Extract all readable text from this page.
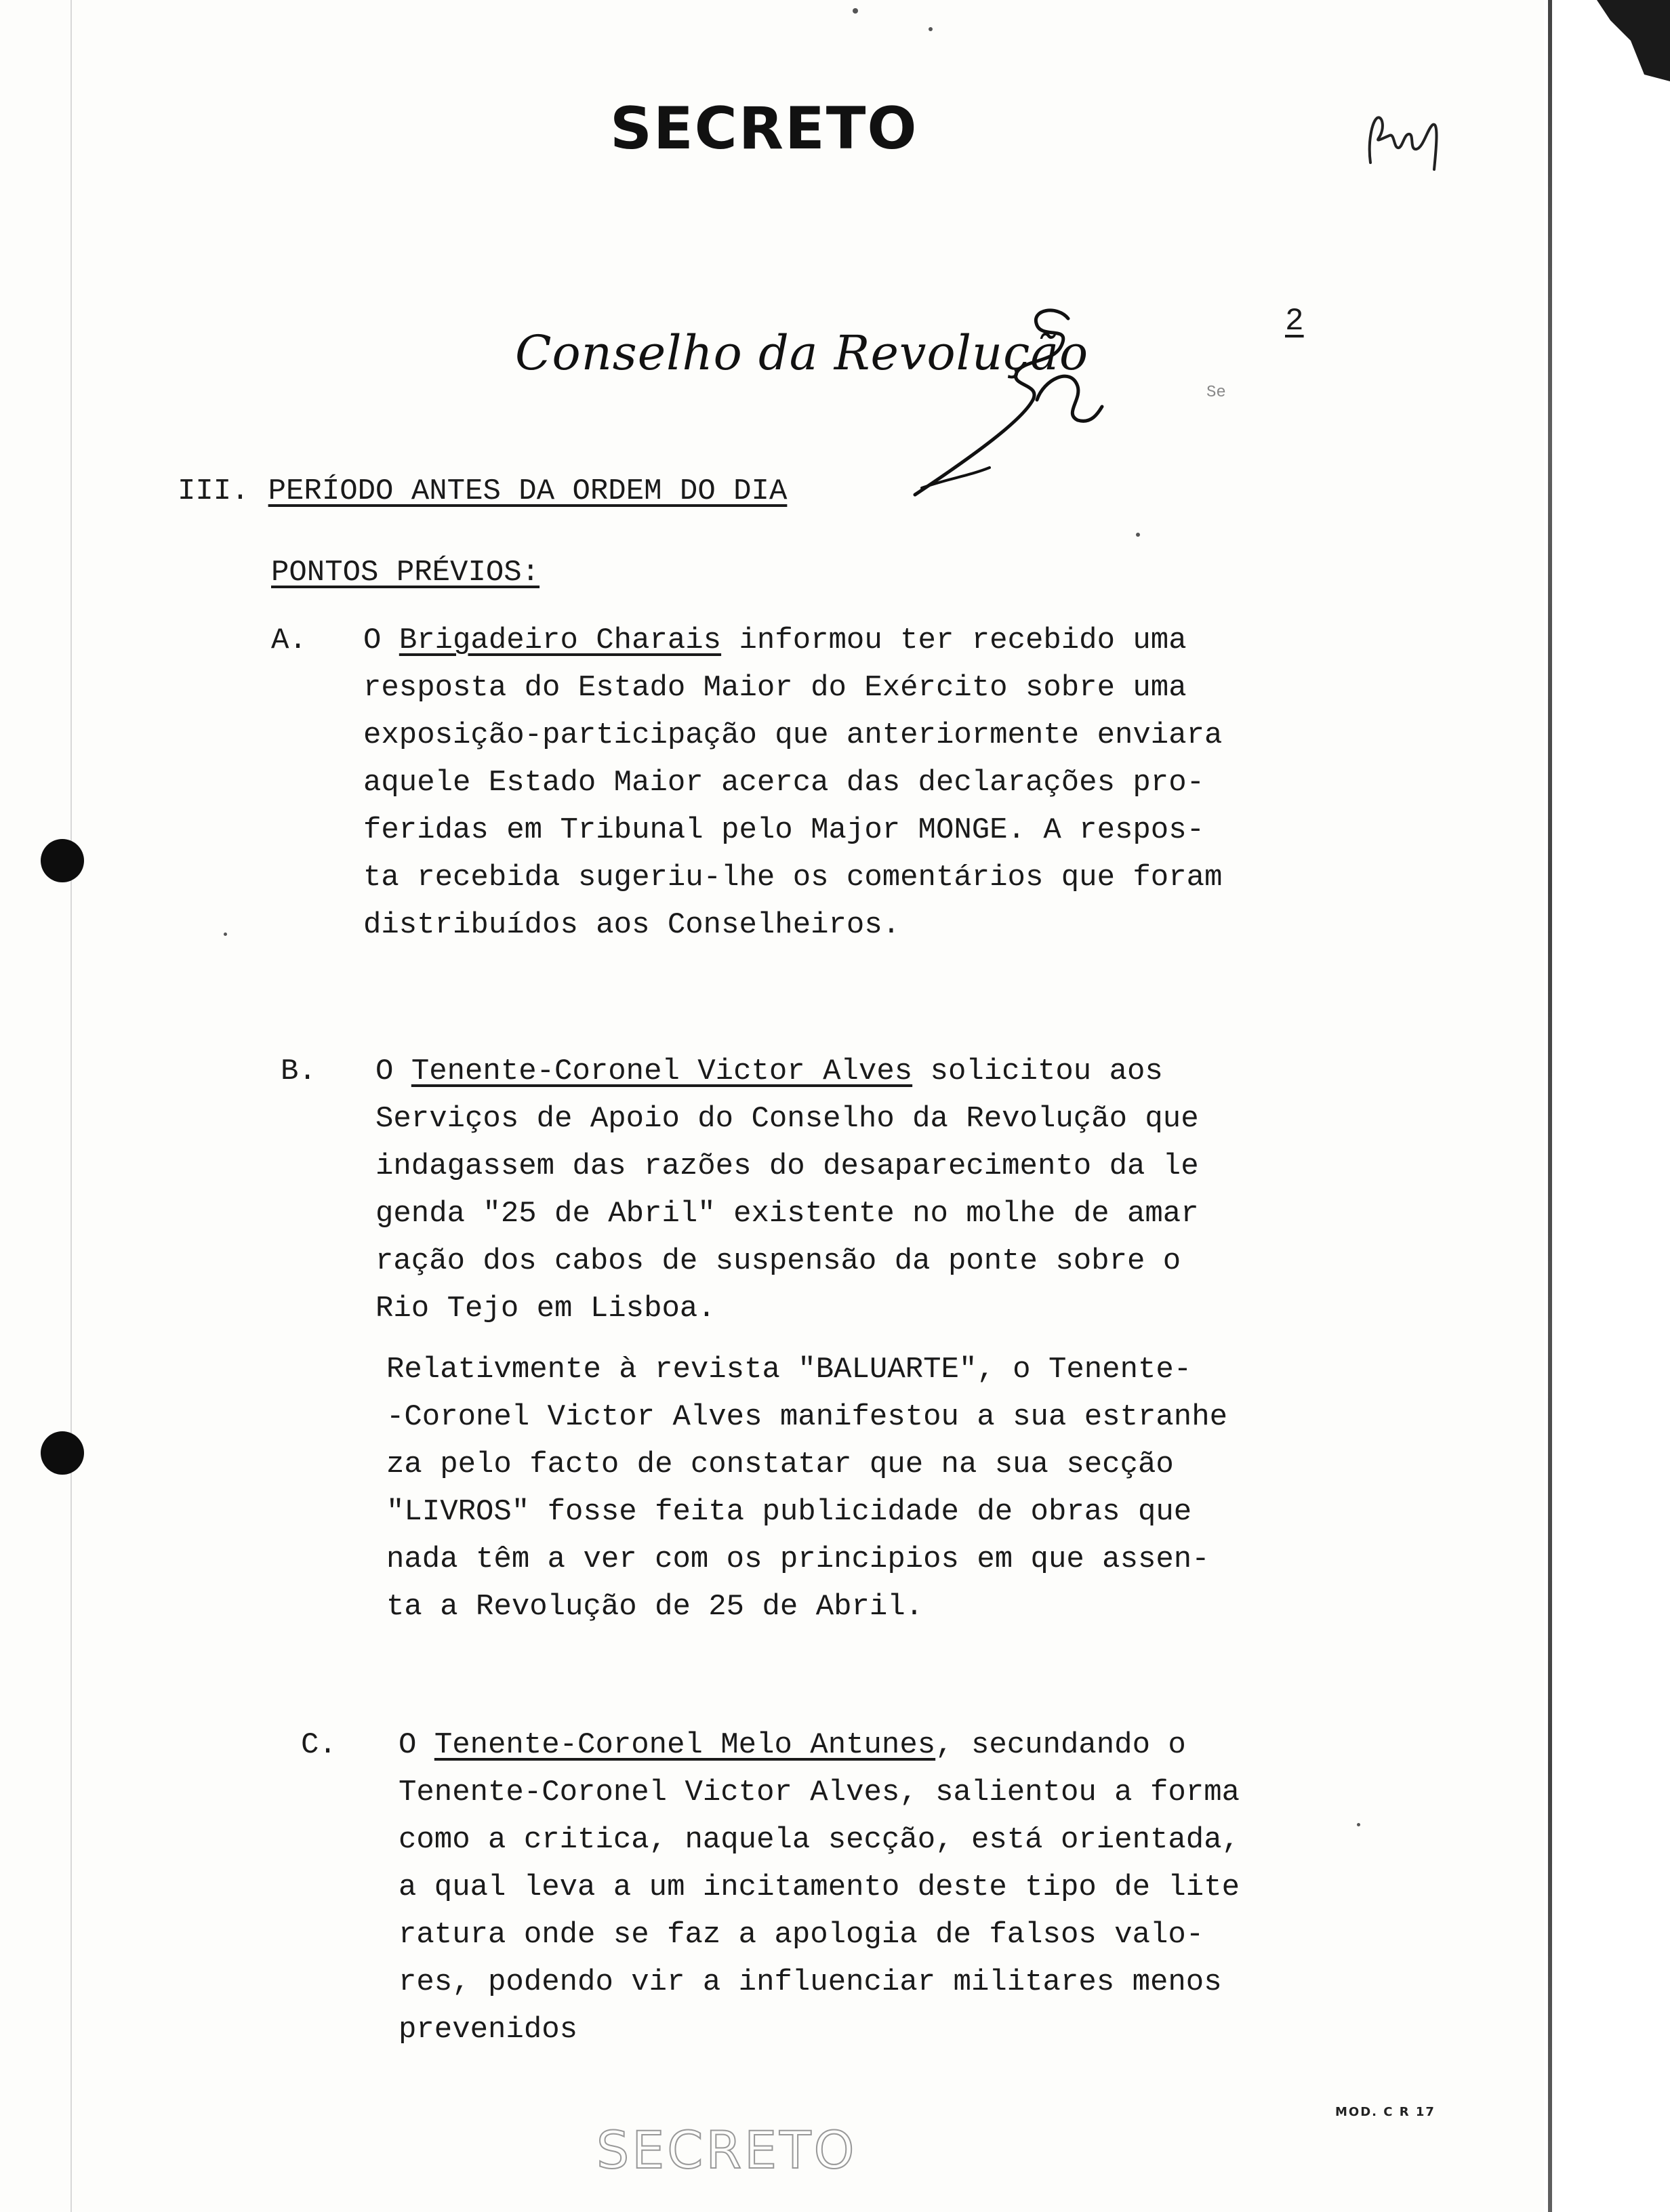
SECRETO
2
Conselho da Revolução
Se
III. PERÍODO ANTES DA ORDEM DO DIA
PONTOS PRÉVIOS:
A. O Brigadeiro Charais informou ter recebido uma
resposta do Estado Maior do Exército sobre uma
exposição-participação que anteriormente enviara
aquele Estado Maior acerca das declarações pro-
feridas em Tribunal pelo Major MONGE. A respos-
ta recebida sugeriu-lhe os comentários que foram
distribuídos aos Conselheiros.
B. O Tenente-Coronel Victor Alves solicitou aos
Serviços de Apoio do Conselho da Revolução que
indagassem das razões do desaparecimento da le
genda "25 de Abril" existente no molhe de amar
ração dos cabos de suspensão da ponte sobre o
Rio Tejo em Lisboa.
Relativmente à revista "BALUARTE", o Tenente-
-Coronel Victor Alves manifestou a sua estranhe
za pelo facto de constatar que na sua secção
"LIVROS" fosse feita publicidade de obras que
nada têm a ver com os principios em que assen-
ta a Revolução de 25 de Abril.
C. O Tenente-Coronel Melo Antunes, secundando o
Tenente-Coronel Victor Alves, salientou a forma
como a critica, naquela secção, está orientada,
a qual leva a um incitamento deste tipo de lite
ratura onde se faz a apologia de falsos valo-
res, podendo vir a influenciar militares menos
prevenidos
MOD. C R 17
SECRETO
